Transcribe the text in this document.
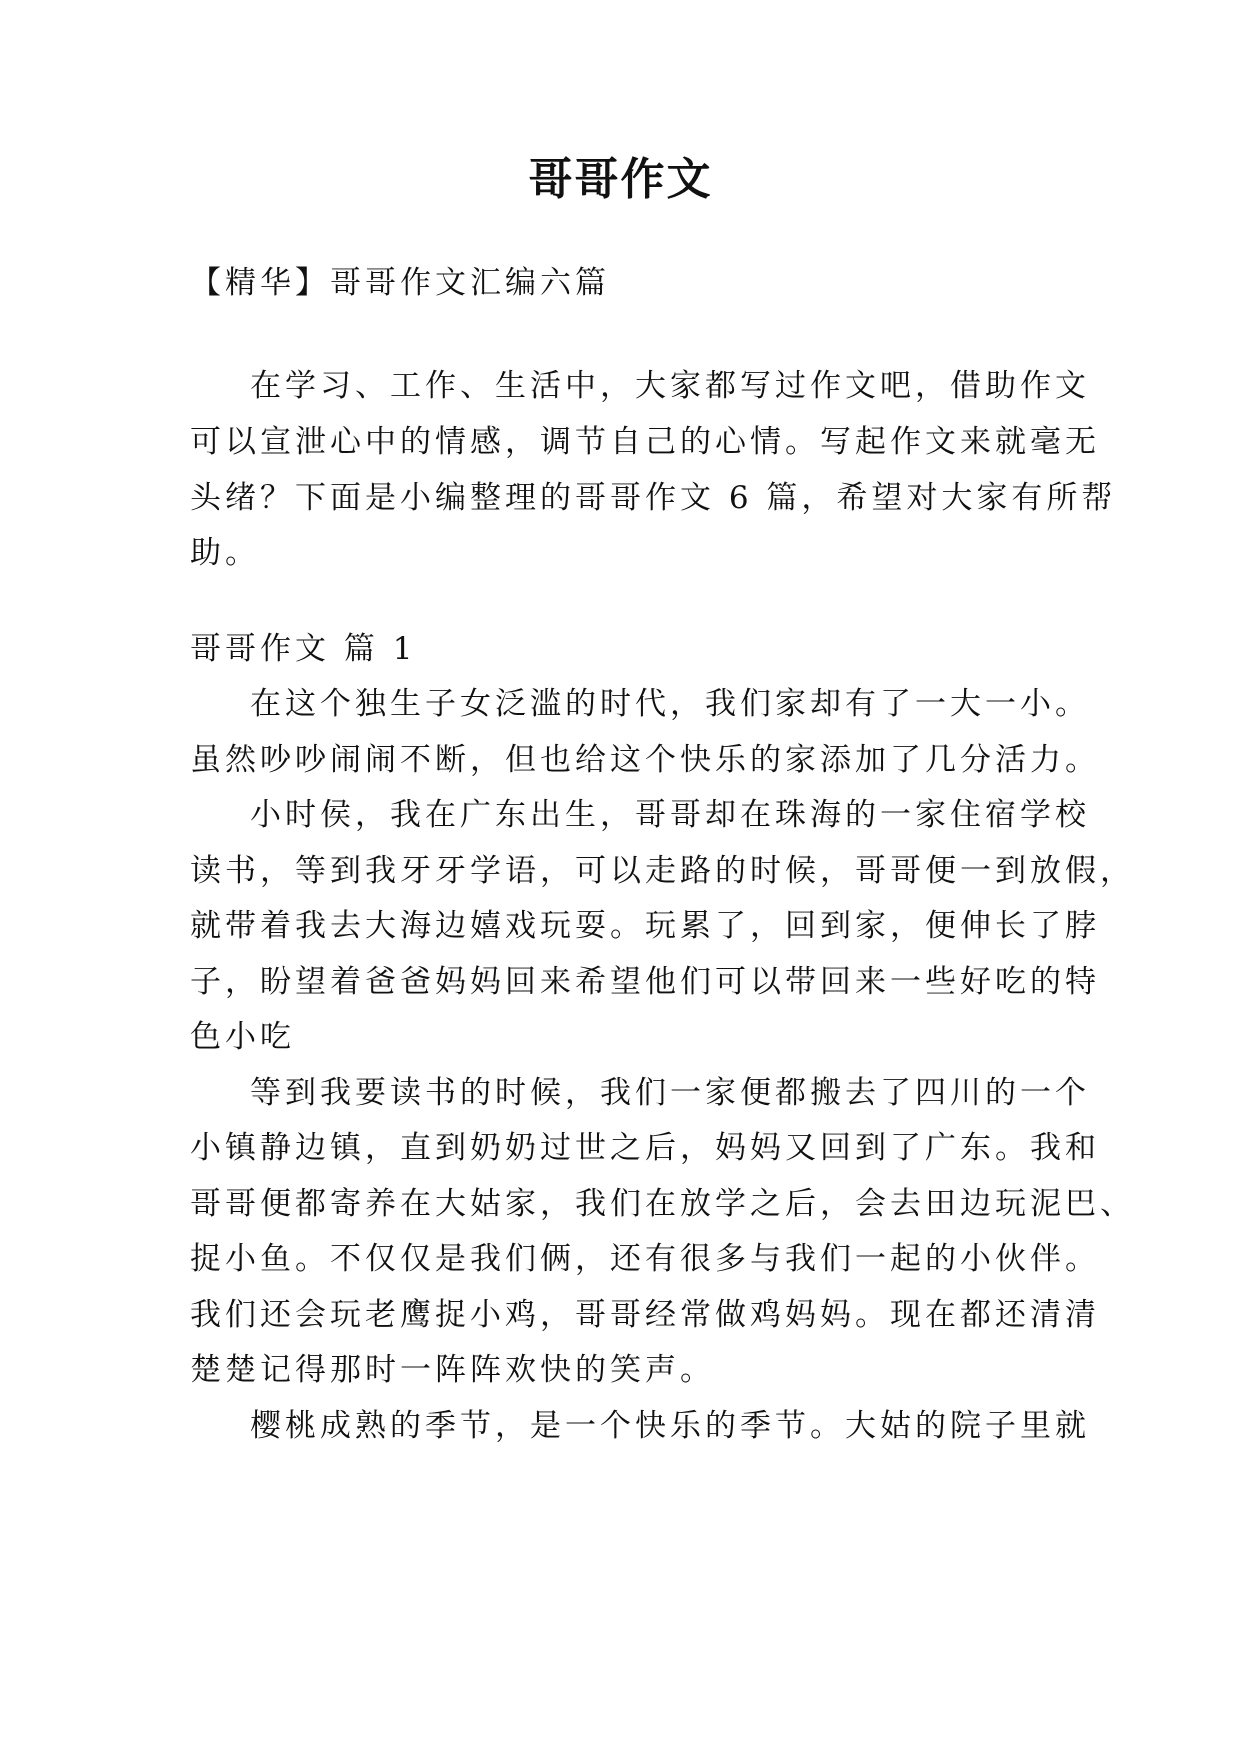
哥哥作文
【精华】哥哥作文汇编六篇
在学习、工作、生活中，大家都写过作文吧，借助作文
可以宣泄心中的情感，调节自己的心情。写起作文来就毫无
头绪？下面是小编整理的哥哥作文 6 篇，希望对大家有所帮
助。
哥哥作文 篇 1
在这个独生子女泛滥的时代，我们家却有了一大一小。
虽然吵吵闹闹不断，但也给这个快乐的家添加了几分活力。
小时侯，我在广东出生，哥哥却在珠海的一家住宿学校
读书，等到我牙牙学语，可以走路的时候，哥哥便一到放假，
就带着我去大海边嬉戏玩耍。玩累了，回到家，便伸长了脖
子，盼望着爸爸妈妈回来希望他们可以带回来一些好吃的特
色小吃
等到我要读书的时候，我们一家便都搬去了四川的一个
小镇静边镇，直到奶奶过世之后，妈妈又回到了广东。我和
哥哥便都寄养在大姑家，我们在放学之后，会去田边玩泥巴、
捉小鱼。不仅仅是我们俩，还有很多与我们一起的小伙伴。
我们还会玩老鹰捉小鸡，哥哥经常做鸡妈妈。现在都还清清
楚楚记得那时一阵阵欢快的笑声。
樱桃成熟的季节，是一个快乐的季节。大姑的院子里就
